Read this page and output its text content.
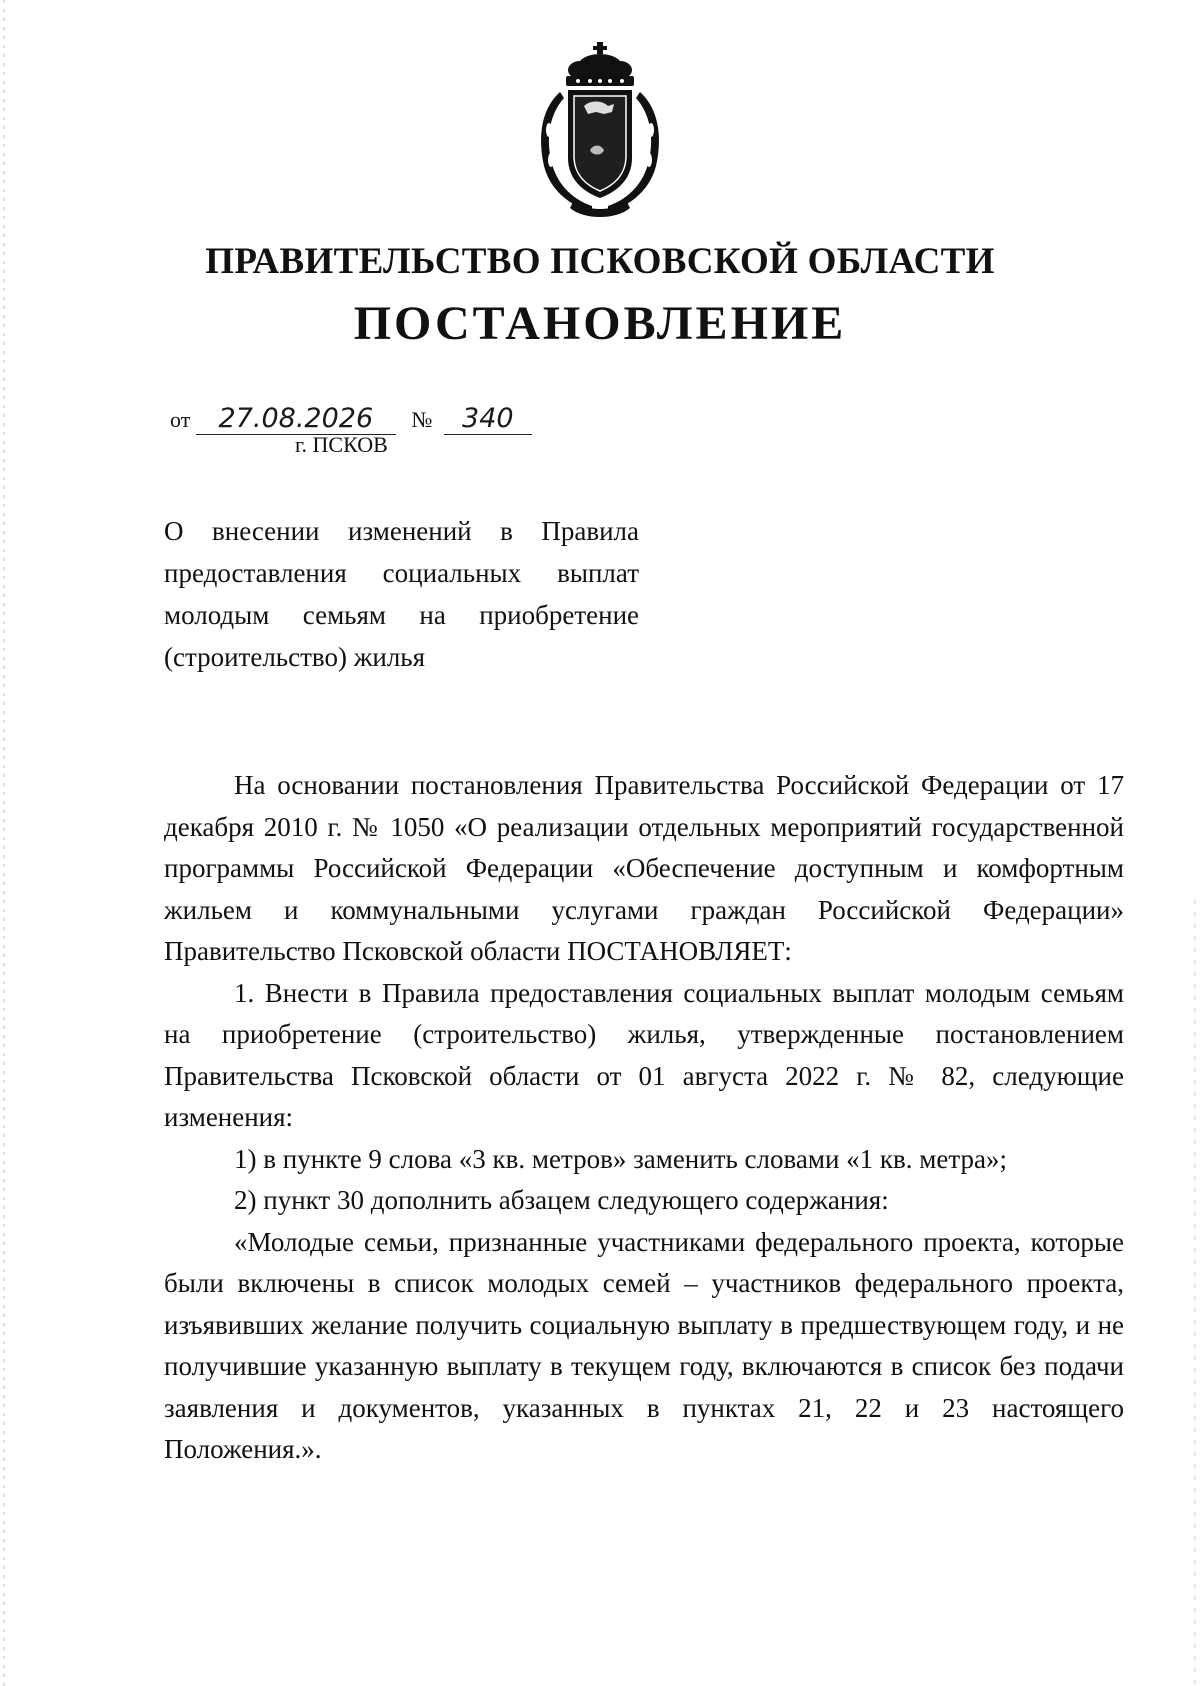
ПРАВИТЕЛЬСТВО ПСКОВСКОЙ ОБЛАСТИ
ПОСТАНОВЛЕНИЕ
от 27.08.2026 № 340
г. ПСКОВ
О внесении изменений в Правила предоставления социальных выплат молодым семьям на приобретение (строительство) жилья

На основании постановления Правительства Российской Федерации от 17 декабря 2010 г. № 1050 «О реализации отдельных мероприятий государственной программы Российской Федерации «Обеспечение доступным и комфортным жильем и коммунальными услугами граждан Российской Федерации» Правительство Псковской области ПОСТАНОВЛЯЕТ:

1. Внести в Правила предоставления социальных выплат молодым семьям на приобретение (строительство) жилья, утвержденные постановлением Правительства Псковской области от 01 августа 2022 г. № 82, следующие изменения:

1) в пункте 9 слова «3 кв. метров» заменить словами «1 кв. метра»;

2) пункт 30 дополнить абзацем следующего содержания:

«Молодые семьи, признанные участниками федерального проекта, которые были включены в список молодых семей – участников федерального проекта, изъявивших желание получить социальную выплату в предшествующем году, и не получившие указанную выплату в текущем году, включаются в список без подачи заявления и документов, указанных в пунктах 21, 22 и 23 настоящего Положения.».
